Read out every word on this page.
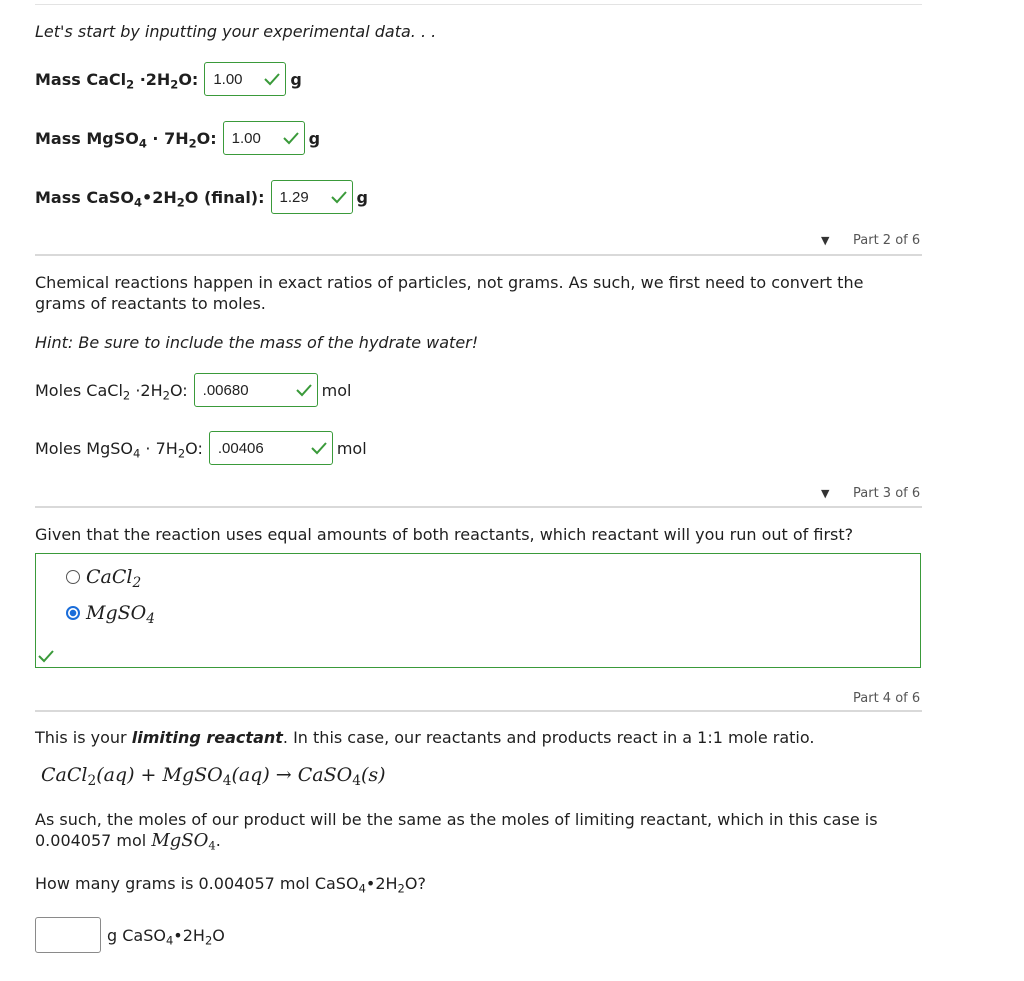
Let's start by inputting your experimental data. . .
Mass CaCl$_2$ $\cdot 2H_2O$: 1.00	g
Mass MgSO$_4$ · $7H_2O$: 1.00	g
Mass $CaSO_4•2H_2O$ (final): 1.29	g
▼ Part 2 of 6
Chemical reactions happen in exact ratios of particles, not grams. As such, we first need to convert the
grams of reactants to moles.
Hint: Be sure to include the mass of the hydrate water!
Moles CaCl$_2$ $\cdot 2H_2O$: .00680	mol
Moles MgSO$_4$ · $7H_2O$: .00406	mol
▼ Part 3 of 6
Given that the reaction uses equal amounts of both reactants, which reactant will you run out of first?
CaCl$_2$
MgSO$_4$
Part 4 of 6
This is your limiting reactant. In this case, our reactants and products react in a 1:1 mole ratio.
CaCl$_2$(aq) + MgSO$_4$(aq) → CaSO$_4$(s)
As such, the moles of our product will be the same as the moles of limiting reactant, which in this case is
0.004057 mol MgSO$_4$.
How many grams is 0.004057 mol $CaSO_4•2H_2O$?
g $CaSO_4•2H_2O$
